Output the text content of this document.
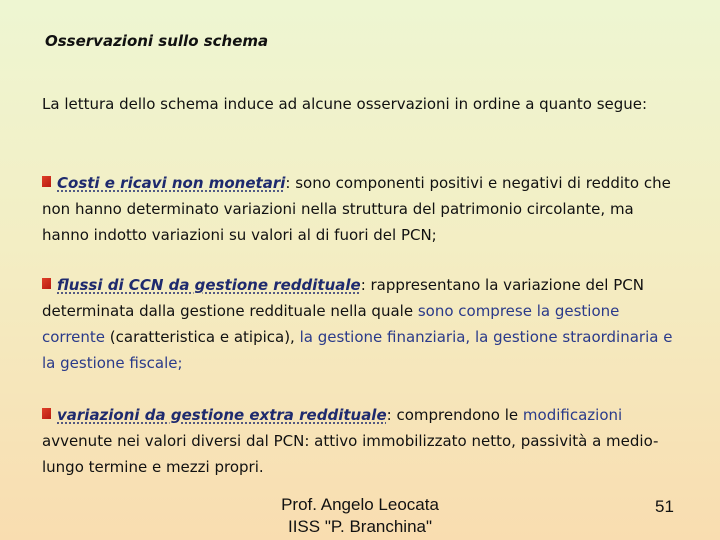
Osservazioni sullo schema
La lettura dello schema induce ad alcune osservazioni in ordine a quanto segue:
Costi e ricavi non monetari: sono componenti positivi e negativi di reddito che non hanno determinato variazioni nella struttura del patrimonio circolante, ma hanno indotto variazioni su valori al di fuori del PCN;
flussi di CCN da gestione reddituale: rappresentano la variazione del PCN determinata dalla gestione reddituale nella quale sono comprese la gestione corrente (caratteristica e atipica), la gestione finanziaria, la gestione straordinaria e la gestione fiscale;
variazioni da gestione extra reddituale: comprendono le modificazioni avvenute nei valori diversi dal PCN: attivo immobilizzato netto, passività a medio-lungo termine e mezzi propri.
Prof. Angelo Leocata
IISS "P. Branchina"
51
